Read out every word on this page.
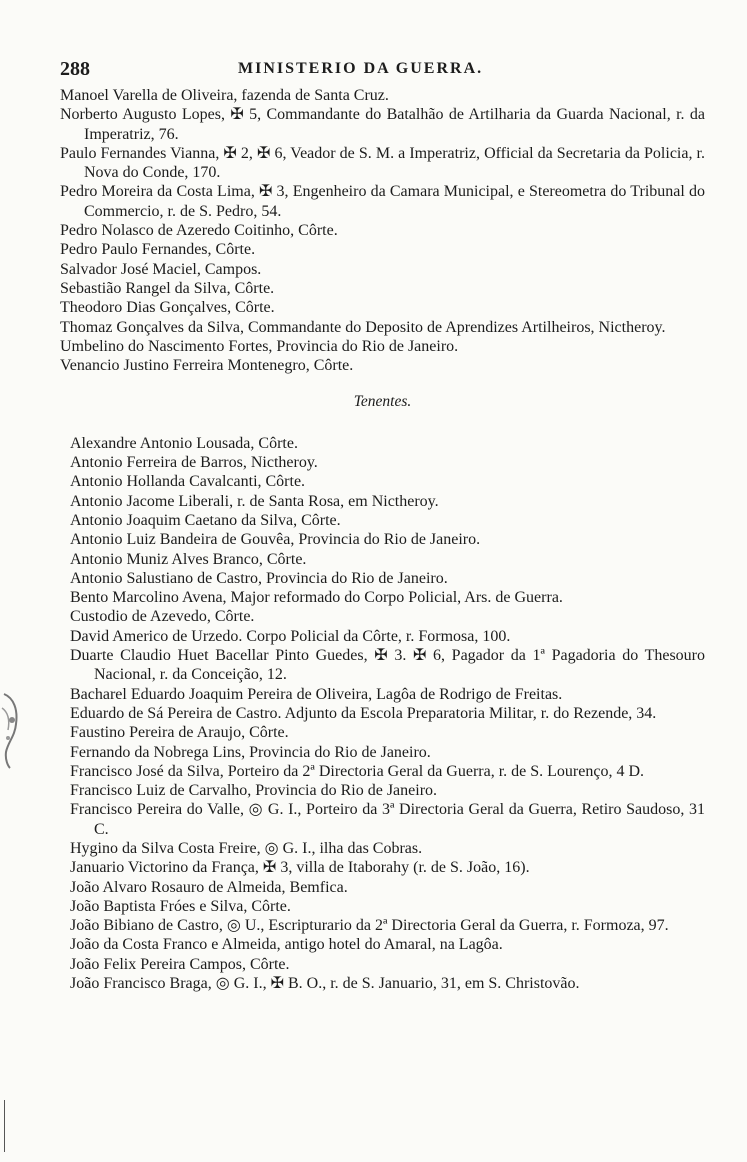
288	MINISTERIO DA GUERRA.

Manoel Varella de Oliveira, fazenda de Santa Cruz.

Norberto Augusto Lopes, ✠ 5, Commandante do Batalhão de Artilharia da Guarda Nacional, r. da Imperatriz, 76.

Paulo Fernandes Vianna, ✠ 2, ✠ 6, Veador de S. M. a Imperatriz, Official da Secretaria da Policia, r. Nova do Conde, 170.

Pedro Moreira da Costa Lima, ✠ 3, Engenheiro da Camara Municipal, e Stereometra do Tribunal do Commercio, r. de S. Pedro, 54.

Pedro Nolasco de Azeredo Coitinho, Côrte.

Pedro Paulo Fernandes, Côrte.

Salvador José Maciel, Campos.

Sebastião Rangel da Silva, Côrte.

Theodoro Dias Gonçalves, Côrte.

Thomaz Gonçalves da Silva, Commandante do Deposito de Aprendizes Artilheiros, Nictheroy.

Umbelino do Nascimento Fortes, Provincia do Rio de Janeiro.

Venancio Justino Ferreira Montenegro, Côrte.

Tenentes.

Alexandre Antonio Lousada, Côrte.

Antonio Ferreira de Barros, Nictheroy.

Antonio Hollanda Cavalcanti, Côrte.

Antonio Jacome Liberali, r. de Santa Rosa, em Nictheroy.

Antonio Joaquim Caetano da Silva, Côrte.

Antonio Luiz Bandeira de Gouvêa, Provincia do Rio de Janeiro.

Antonio Muniz Alves Branco, Côrte.

Antonio Salustiano de Castro, Provincia do Rio de Janeiro.

Bento Marcolino Avena, Major reformado do Corpo Policial, Ars. de Guerra.

Custodio de Azevedo, Côrte.

David Americo de Urzedo. Corpo Policial da Côrte, r. Formosa, 100.

Duarte Claudio Huet Bacellar Pinto Guedes, ✠ 3. ✠ 6, Pagador da 1ª Pagadoria do Thesouro Nacional, r. da Conceição, 12.

Bacharel Eduardo Joaquim Pereira de Oliveira, Lagôa de Rodrigo de Freitas.

Eduardo de Sá Pereira de Castro. Adjunto da Escola Preparatoria Militar, r. do Rezende, 34.

Faustino Pereira de Araujo, Côrte.

Fernando da Nobrega Lins, Provincia do Rio de Janeiro.

Francisco José da Silva, Porteiro da 2ª Directoria Geral da Guerra, r. de S. Lourenço, 4 D.

Francisco Luiz de Carvalho, Provincia do Rio de Janeiro.

Francisco Pereira do Valle, ◎ G. I., Porteiro da 3ª Directoria Geral da Guerra, Retiro Saudoso, 31 C.

Hygino da Silva Costa Freire, ◎ G. I., ilha das Cobras.

Januario Victorino da França, ✠ 3, villa de Itaborahy (r. de S. João, 16).

João Alvaro Rosauro de Almeida, Bemfica.

João Baptista Fróes e Silva, Côrte.

João Bibiano de Castro, ◎ U., Escripturario da 2ª Directoria Geral da Guerra, r. Formoza, 97.

João da Costa Franco e Almeida, antigo hotel do Amaral, na Lagôa.

João Felix Pereira Campos, Côrte.

João Francisco Braga, ◎ G. I., ✠ B. O., r. de S. Januario, 31, em S. Christovão.
